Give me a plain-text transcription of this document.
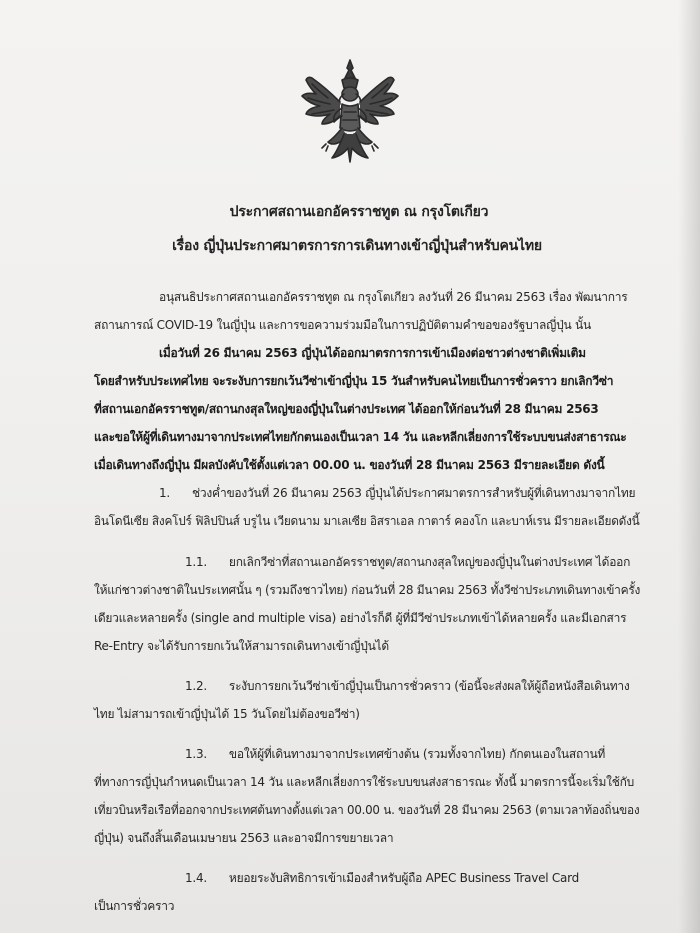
ประกาศสถานเอกอัครราชทูต ณ กรุงโตเกียว
เรื่อง ญี่ปุ่นประกาศมาตรการการเดินทางเข้าญี่ปุ่นสำหรับคนไทย
อนุสนธิประกาศสถานเอกอัครราชทูต ณ กรุงโตเกียว ลงวันที่ 26 มีนาคม 2563 เรื่อง พัฒนาการ
สถานการณ์ COVID-19 ในญี่ปุ่น และการขอความร่วมมือในการปฏิบัติตามคำขอของรัฐบาลญี่ปุ่น นั้น
เมื่อวันที่ 26 มีนาคม 2563 ญี่ปุ่นได้ออกมาตรการการเข้าเมืองต่อชาวต่างชาติเพิ่มเติม
โดยสำหรับประเทศไทย จะระงับการยกเว้นวีซ่าเข้าญี่ปุ่น 15 วันสำหรับคนไทยเป็นการชั่วคราว ยกเลิกวีซ่า
ที่สถานเอกอัครราชทูต/สถานกงสุลใหญ่ของญี่ปุ่นในต่างประเทศ ได้ออกให้ก่อนวันที่ 28 มีนาคม 2563
และขอให้ผู้ที่เดินทางมาจากประเทศไทยกักตนเองเป็นเวลา 14 วัน และหลีกเลี่ยงการใช้ระบบขนส่งสาธารณะ
เมื่อเดินทางถึงญี่ปุ่น มีผลบังคับใช้ตั้งแต่เวลา 00.00 น. ของวันที่ 28 มีนาคม 2563 มีรายละเอียด ดังนี้
1. ช่วงค่ำของวันที่ 26 มีนาคม 2563 ญี่ปุ่นได้ประกาศมาตรการสำหรับผู้ที่เดินทางมาจากไทย
อินโดนีเซีย สิงคโปร์ ฟิลิปปินส์ บรูไน เวียดนาม มาเลเซีย อิสราเอล กาตาร์ คองโก และบาห์เรน มีรายละเอียดดังนี้
1.1. ยกเลิกวีซ่าที่สถานเอกอัครราชทูต/สถานกงสุลใหญ่ของญี่ปุ่นในต่างประเทศ ได้ออก
ให้แก่ชาวต่างชาติในประเทศนั้น ๆ (รวมถึงชาวไทย) ก่อนวันที่ 28 มีนาคม 2563 ทั้งวีซ่าประเภทเดินทางเข้าครั้ง
เดียวและหลายครั้ง (single and multiple visa) อย่างไรก็ดี ผู้ที่มีวีซ่าประเภทเข้าได้หลายครั้ง และมีเอกสาร
Re-Entry จะได้รับการยกเว้นให้สามารถเดินทางเข้าญี่ปุ่นได้
1.2. ระงับการยกเว้นวีซ่าเข้าญี่ปุ่นเป็นการชั่วคราว (ข้อนี้จะส่งผลให้ผู้ถือหนังสือเดินทาง
ไทย ไม่สามารถเข้าญี่ปุ่นได้ 15 วันโดยไม่ต้องขอวีซ่า)
1.3. ขอให้ผู้ที่เดินทางมาจากประเทศข้างต้น (รวมทั้งจากไทย) กักตนเองในสถานที่
ที่ทางการญี่ปุ่นกำหนดเป็นเวลา 14 วัน และหลีกเลี่ยงการใช้ระบบขนส่งสาธารณะ ทั้งนี้ มาตรการนี้จะเริ่มใช้กับ
เที่ยวบินหรือเรือที่ออกจากประเทศต้นทางตั้งแต่เวลา 00.00 น. ของวันที่ 28 มีนาคม 2563 (ตามเวลาท้องถิ่นของ
ญี่ปุ่น) จนถึงสิ้นเดือนเมษายน 2563 และอาจมีการขยายเวลา
1.4. หยอยระงับสิทธิการเข้าเมืองสำหรับผู้ถือ APEC Business Travel Card
เป็นการชั่วคราว
